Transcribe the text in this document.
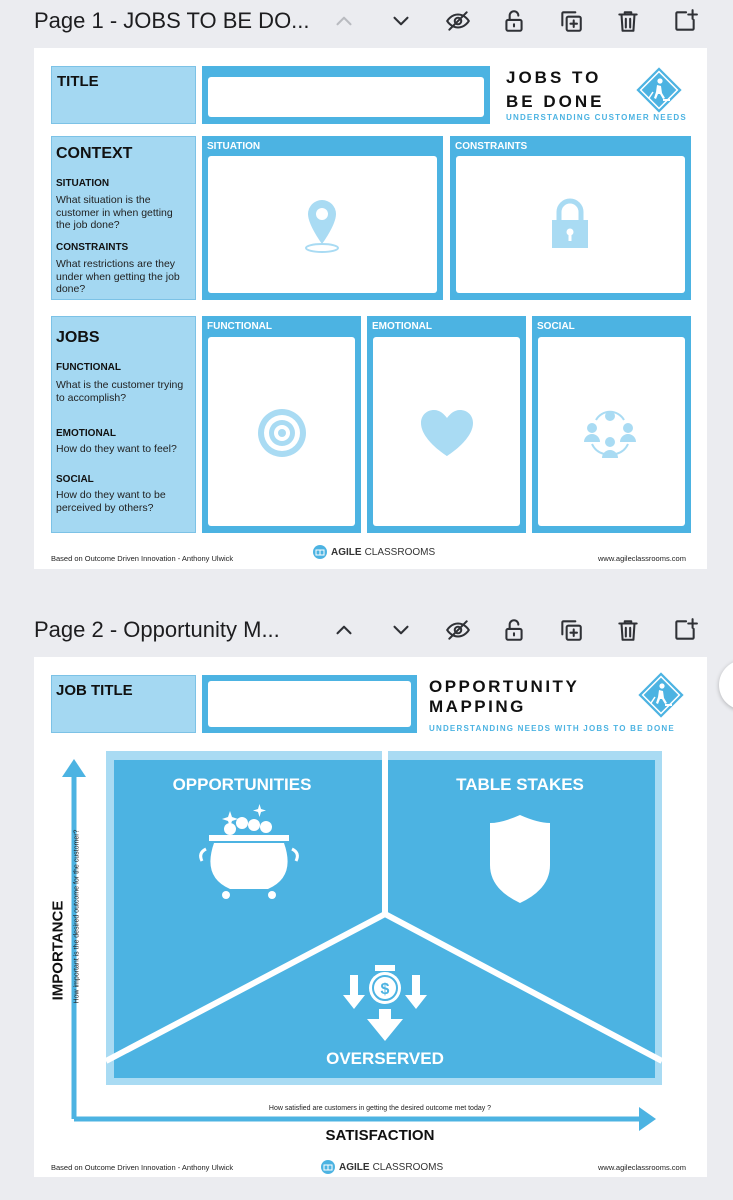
Page 1 - JOBS TO BE DO...
TITLE	JOBS TO
BE DONE
UNDERSTANDING CUSTOMER NEEDS
CONTEXT
SITUATION
What situation is the customer in when getting the job done?
CONSTRAINTS
What restrictions are they under when getting the job done?
SITUATION	CONSTRAINTS
JOBS
FUNCTIONAL
What is the customer trying to accomplish?
EMOTIONAL
How do they want to feel?
SOCIAL
How do they want to be perceived by others?
FUNCTIONAL	EMOTIONAL	SOCIAL
Based on Outcome Driven Innovation - Anthony Ulwick
AGILE CLASSROOMS
www.agileclassrooms.com
Page 2 - Opportunity M...
JOB TITLE	OPPORTUNITY
MAPPING
UNDERSTANDING NEEDS WITH JOBS TO BE DONE
$
OPPORTUNITIES	TABLE STAKES
OVERSERVED
IMPORTANCE How important is the desired outcome for the customer?
How satisfied are customers in getting the desired outcome met today ?
SATISFACTION
Based on Outcome Driven Innovation - Anthony Ulwick	AGILE CLASSROOMS	www.agileclassrooms.com
